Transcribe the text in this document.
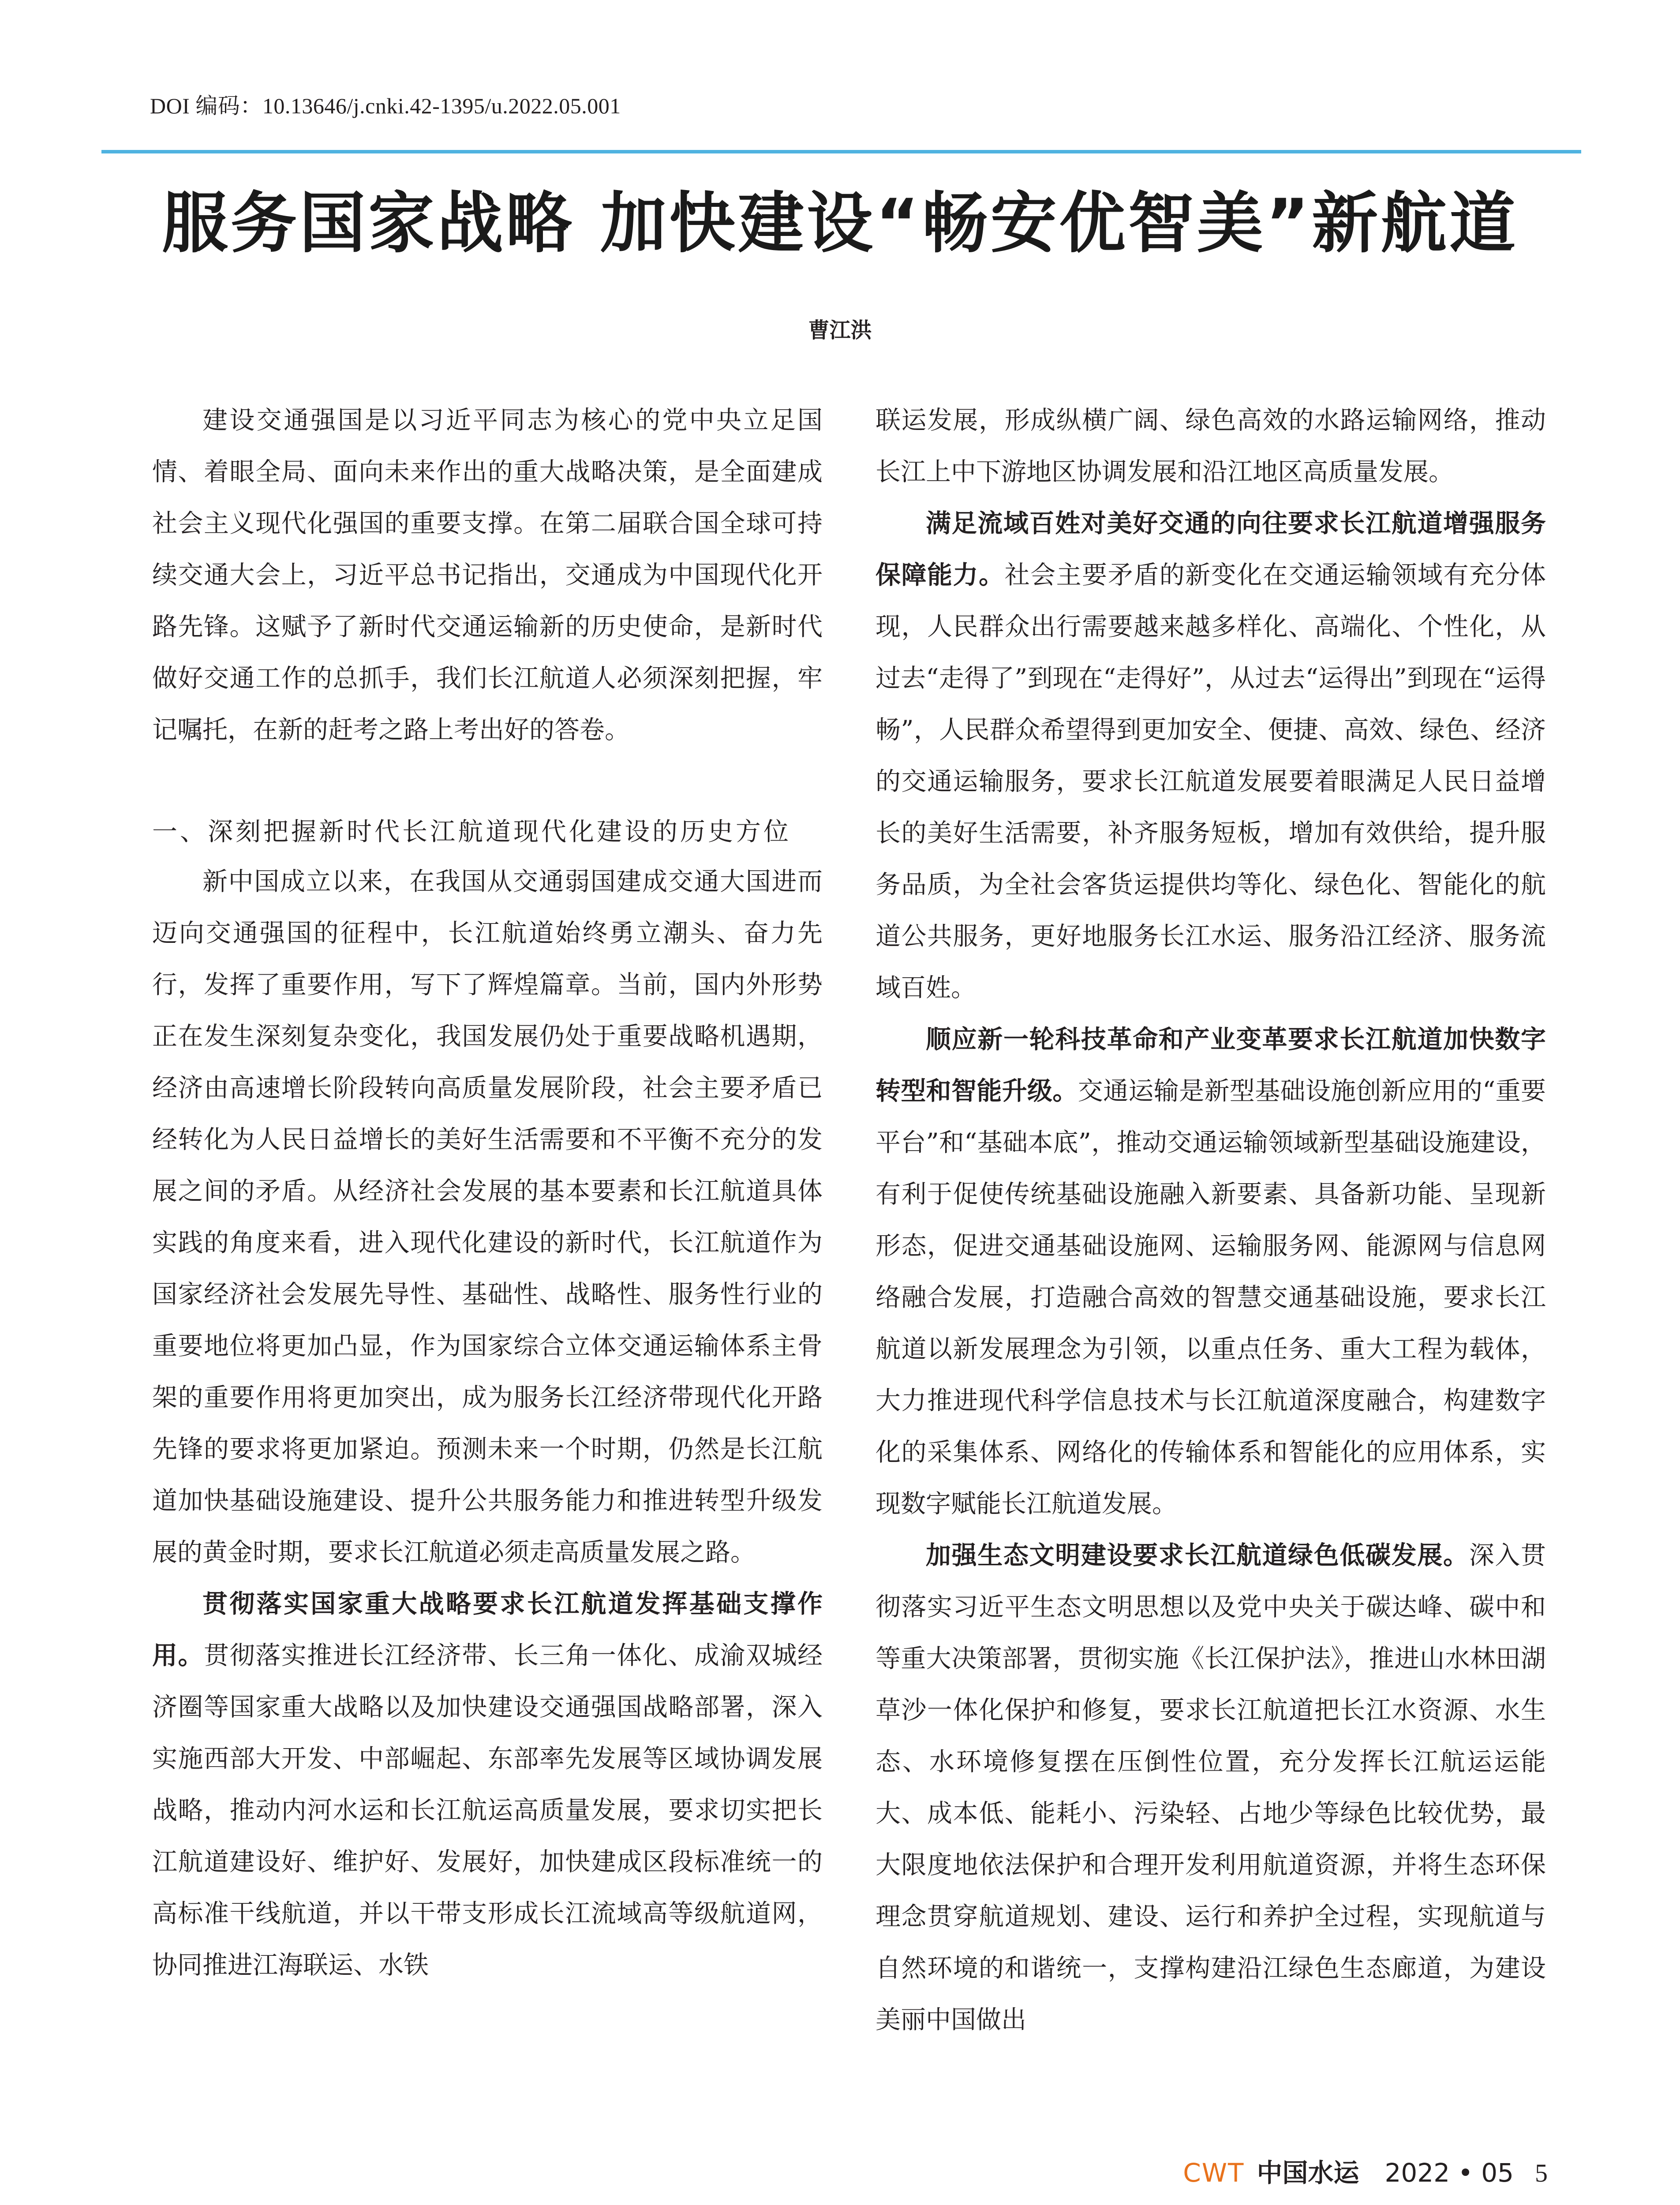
DOI 编码：10.13646/j.cnki.42-1395/u.2022.05.001
服务国家战略 加快建设“畅安优智美”新航道
曹江洪

建设交通强国是以习近平同志为核心的党中央立足国情、着眼全局、面向未来作出的重大战略决策，是全面建成社会主义现代化强国的重要支撑。在第二届联合国全球可持续交通大会上，习近平总书记指出，交通成为中国现代化开路先锋。这赋予了新时代交通运输新的历史使命，是新时代做好交通工作的总抓手，我们长江航道人必须深刻把握，牢记嘱托，在新的赶考之路上考出好的答卷。

一、深刻把握新时代长江航道现代化建设的历史方位

新中国成立以来，在我国从交通弱国建成交通大国进而迈向交通强国的征程中，长江航道始终勇立潮头、奋力先行，发挥了重要作用，写下了辉煌篇章。当前，国内外形势正在发生深刻复杂变化，我国发展仍处于重要战略机遇期，经济由高速增长阶段转向高质量发展阶段，社会主要矛盾已经转化为人民日益增长的美好生活需要和不平衡不充分的发展之间的矛盾。从经济社会发展的基本要素和长江航道具体实践的角度来看，进入现代化建设的新时代，长江航道作为国家经济社会发展先导性、基础性、战略性、服务性行业的重要地位将更加凸显，作为国家综合立体交通运输体系主骨架的重要作用将更加突出，成为服务长江经济带现代化开路先锋的要求将更加紧迫。预测未来一个时期，仍然是长江航道加快基础设施建设、提升公共服务能力和推进转型升级发展的黄金时期，要求长江航道必须走高质量发展之路。

贯彻落实国家重大战略要求长江航道发挥基础支撑作用。贯彻落实推进长江经济带、长三角一体化、成渝双城经济圈等国家重大战略以及加快建设交通强国战略部署，深入实施西部大开发、中部崛起、东部率先发展等区域协调发展战略，推动内河水运和长江航运高质量发展，要求切实把长江航道建设好、维护好、发展好，加快建成区段标准统一的高标准干线航道，并以干带支形成长江流域高等级航道网，协同推进江海联运、水铁

联运发展，形成纵横广阔、绿色高效的水路运输网络，推动长江上中下游地区协调发展和沿江地区高质量发展。

满足流域百姓对美好交通的向往要求长江航道增强服务保障能力。社会主要矛盾的新变化在交通运输领域有充分体现，人民群众出行需要越来越多样化、高端化、个性化，从过去“走得了”到现在“走得好”，从过去“运得出”到现在“运得畅”，人民群众希望得到更加安全、便捷、高效、绿色、经济的交通运输服务，要求长江航道发展要着眼满足人民日益增长的美好生活需要，补齐服务短板，增加有效供给，提升服务品质，为全社会客货运提供均等化、绿色化、智能化的航道公共服务，更好地服务长江水运、服务沿江经济、服务流域百姓。

顺应新一轮科技革命和产业变革要求长江航道加快数字转型和智能升级。交通运输是新型基础设施创新应用的“重要平台”和“基础本底”，推动交通运输领域新型基础设施建设，有利于促使传统基础设施融入新要素、具备新功能、呈现新形态，促进交通基础设施网、运输服务网、能源网与信息网络融合发展，打造融合高效的智慧交通基础设施，要求长江航道以新发展理念为引领，以重点任务、重大工程为载体，大力推进现代科学信息技术与长江航道深度融合，构建数字化的采集体系、网络化的传输体系和智能化的应用体系，实现数字赋能长江航道发展。

加强生态文明建设要求长江航道绿色低碳发展。深入贯彻落实习近平生态文明思想以及党中央关于碳达峰、碳中和等重大决策部署，贯彻实施《长江保护法》，推进山水林田湖草沙一体化保护和修复，要求长江航道把长江水资源、水生态、水环境修复摆在压倒性位置，充分发挥长江航运运能大、成本低、能耗小、污染轻、占地少等绿色比较优势，最大限度地依法保护和合理开发利用航道资源，并将生态环保理念贯穿航道规划、建设、运行和养护全过程，实现航道与自然环境的和谐统一，支撑构建沿江绿色生态廊道，为建设美丽中国做出

CWT 中国水运 2022 • 05 5
